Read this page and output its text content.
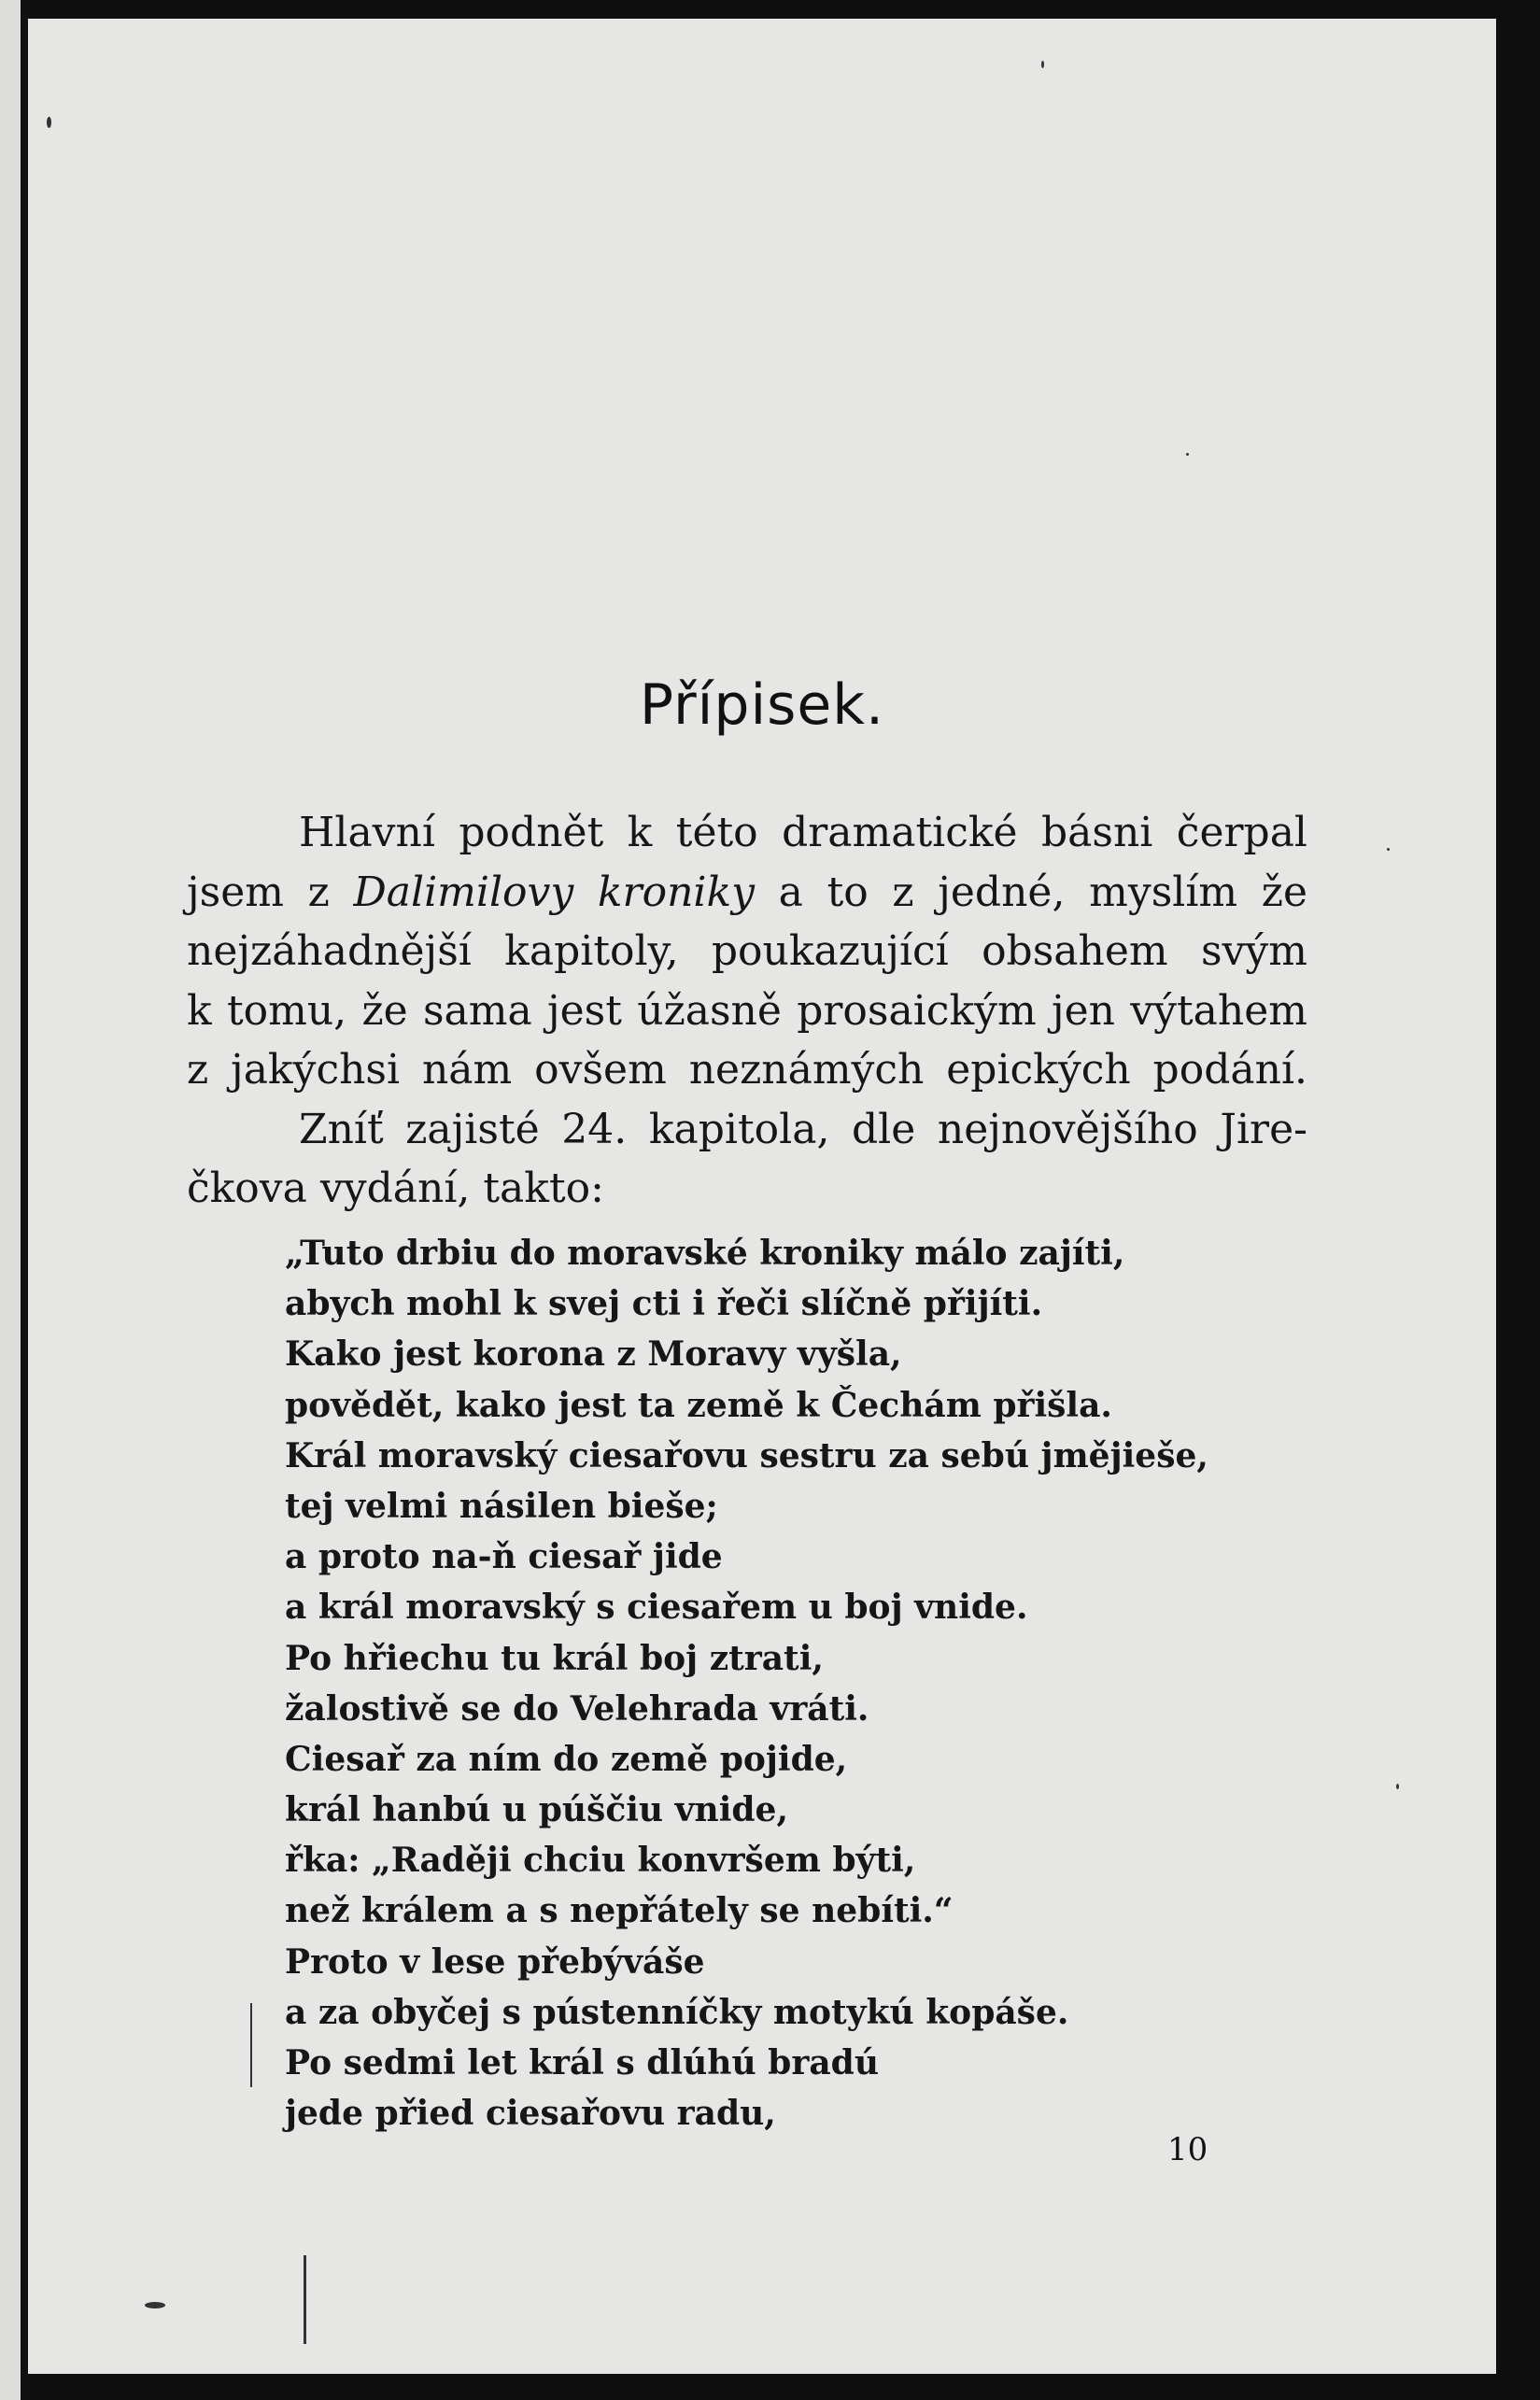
Přípisek.
Hlavní podnět k této dramatické básni čerpal
jsem z Dalimilovy kroniky a to z jedné, myslím že
nejzáhadnější kapitoly, poukazující obsahem svým
k tomu, že sama jest úžasně prosaickým jen výtahem
z jakýchsi nám ovšem neznámých epických podání.
Zníť zajisté 24. kapitola, dle nejnovějšího Jire-
čkova vydání, takto:
„Tuto drbiu do moravské kroniky málo zajíti,
abych mohl k svej cti i řeči slíčně přijíti.
Kako jest korona z Moravy vyšla,
povědět, kako jest ta země k Čechám přišla.
Král moravský ciesařovu sestru za sebú jmějieše,
tej velmi násilen bieše;
a proto na-ň ciesař jide
a král moravský s ciesařem u boj vnide.
Po hřiechu tu král boj ztrati,
žalostivě se do Velehrada vráti.
Ciesař za ním do země pojide,
král hanbú u púščiu vnide,
řka: „Raději chciu konvršem býti,
než králem a s nepřátely se nebíti.“
Proto v lese přebýváše
a za obyčej s pústenníčky motykú kopáše.
Po sedmi let král s dlúhú bradú
jede přied ciesařovu radu,
10
